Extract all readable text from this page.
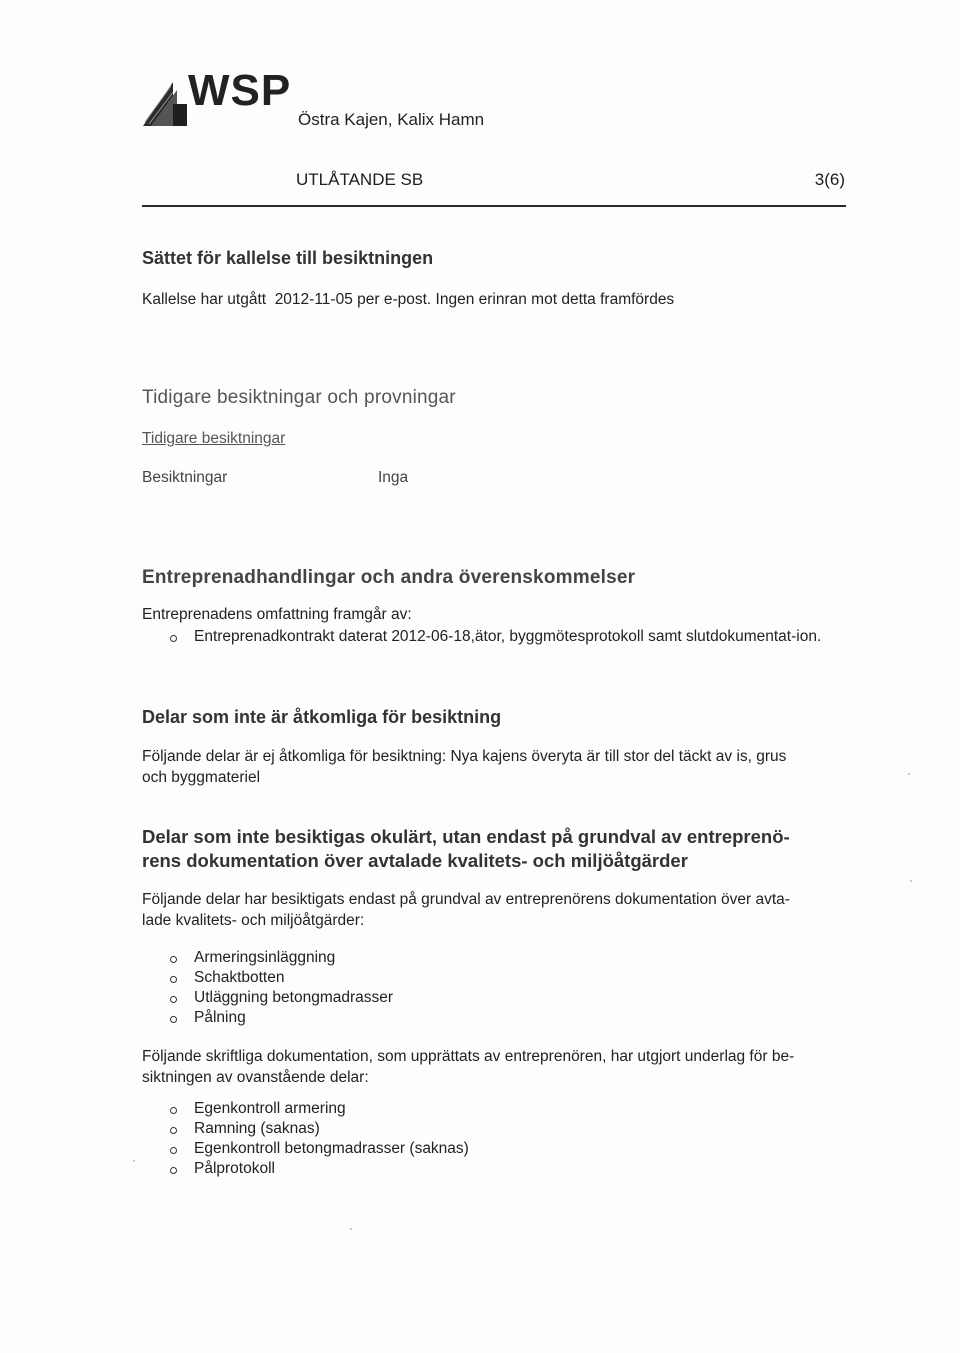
WSP
Östra Kajen, Kalix Hamn
UTLÅTANDE SB	3(6)
Sättet för kallelse till besiktningen
Kallelse har utgått  2012-11-05 per e-post. Ingen erinran mot detta framfördes
Tidigare besiktningar och provningar
Tidigare besiktningar
Besiktningar	Inga
Entreprenadhandlingar och andra överenskommelser
Entreprenadens omfattning framgår av:
Entreprenadkontrakt daterat 2012-06-18,ätor, byggmötesprotokoll samt slutdokumentat-ion.
Delar som inte är åtkomliga för besiktning
Följande delar är ej åtkomliga för besiktning: Nya kajens överyta är till stor del täckt av is, grus
och byggmateriel
Delar som inte besiktigas okulärt, utan endast på grundval av entreprenö-
rens dokumentation över avtalade kvalitets- och miljöåtgärder
Följande delar har besiktigats endast på grundval av entreprenörens dokumentation över avta-
lade kvalitets- och miljöåtgärder:
Armeringsinläggning
Schaktbotten
Utläggning betongmadrasser
Pålning
Följande skriftliga dokumentation, som upprättats av entreprenören, har utgjort underlag för be-
siktningen av ovanstående delar:
Egenkontroll armering
Ramning (saknas)
Egenkontroll betongmadrasser (saknas)
Pålprotokoll
